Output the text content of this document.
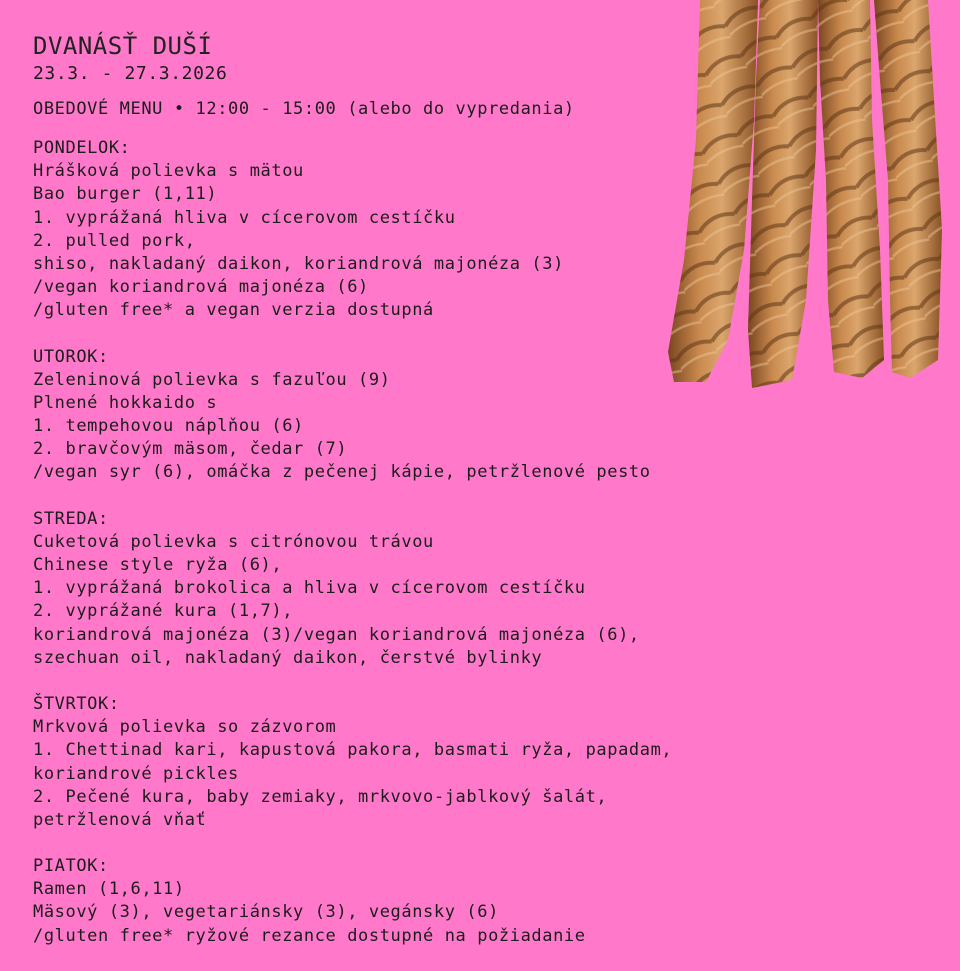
DVANÁSŤ DUŠÍ
23.3. - 27.3.2026
OBEDOVÉ MENU • 12:00 - 15:00 (alebo do vypredania)
PONDELOK:
Hrášková polievka s mätou
Bao burger (1,11)
1. vyprážaná hliva v cícerovom cestíčku
2. pulled pork,
shiso, nakladaný daikon, koriandrová majonéza (3)
/vegan koriandrová majonéza (6)
/gluten free* a vegan verzia dostupná
UTOROK:
Zeleninová polievka s fazuľou (9)
Plnené hokkaido s
1. tempehovou náplňou (6)
2. bravčovým mäsom, čedar (7)
/vegan syr (6), omáčka z pečenej kápie, petržlenové pesto
STREDA:
Cuketová polievka s citrónovou trávou
Chinese style ryža (6),
1. vyprážaná brokolica a hliva v cícerovom cestíčku
2. vyprážané kura (1,7),
koriandrová majonéza (3)/vegan koriandrová majonéza (6),
szechuan oil, nakladaný daikon, čerstvé bylinky
ŠTVRTOK:
Mrkvová polievka so zázvorom
1. Chettinad kari, kapustová pakora, basmati ryža, papadam,
koriandrové pickles
2. Pečené kura, baby zemiaky, mrkvovo-jablkový šalát,
petržlenová vňať
PIATOK:
Ramen (1,6,11)
Mäsový (3), vegetariánsky (3), vegánsky (6)
/gluten free* ryžové rezance dostupné na požiadanie
